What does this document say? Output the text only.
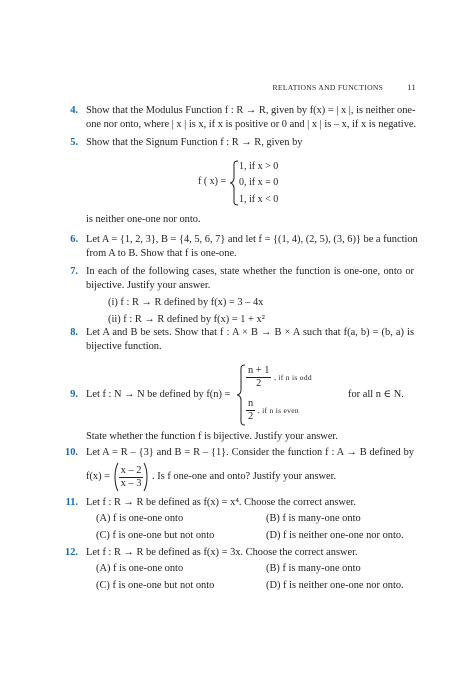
RELATIONS AND FUNCTIONS	11
4. Show that the Modulus Function f : R → R, given by f(x) = | x |, is neither one-
one nor onto, where | x | is x, if x is positive or 0 and | x | is – x, if x is negative.
5. Show that the Signum Function f : R → R, given by
f ( x) =
1, if x > 0
0, if x = 0
1, if x < 0
is neither one-one nor onto.
6. Let A = {1, 2, 3}, B = {4, 5, 6, 7} and let f = {(1, 4), (2, 5), (3, 6)} be a function
from A to B. Show that f is one-one.
7. In each of the following cases, state whether the function is one-one, onto or
bijective. Justify your answer.
(i) f : R → R defined by f(x) = 3 – 4x
(ii) f : R → R defined by f(x) = 1 + x²
8. Let A and B be sets. Show that f : A × B → B × A such that f(a, b) = (b, a) is
bijective function.
9. Let f : N → N be defined by f(n) =
$\frac{n + 1}{2}$ , if n is odd
$\frac{n}{2}$ , if n is even
for all n ∈ N.
State whether the function f is bijective. Justify your answer.
10. Let A = R – {3} and B = R – {1}. Consider the function f : A → B defined by
$f(x) = \frac{x - 2}{x - 3}$ . Is f one-one and onto? Justify your answer.
11. Let f : R → R be defined as f(x) = x⁴. Choose the correct answer.
(A) f is one-one onto	(B) f is many-one onto
(C) f is one-one but not onto	(D) f is neither one-one nor onto.
12. Let f : R → R be defined as f(x) = 3x. Choose the correct answer.
(A) f is one-one onto	(B) f is many-one onto
(C) f is one-one but not onto	(D) f is neither one-one nor onto.
